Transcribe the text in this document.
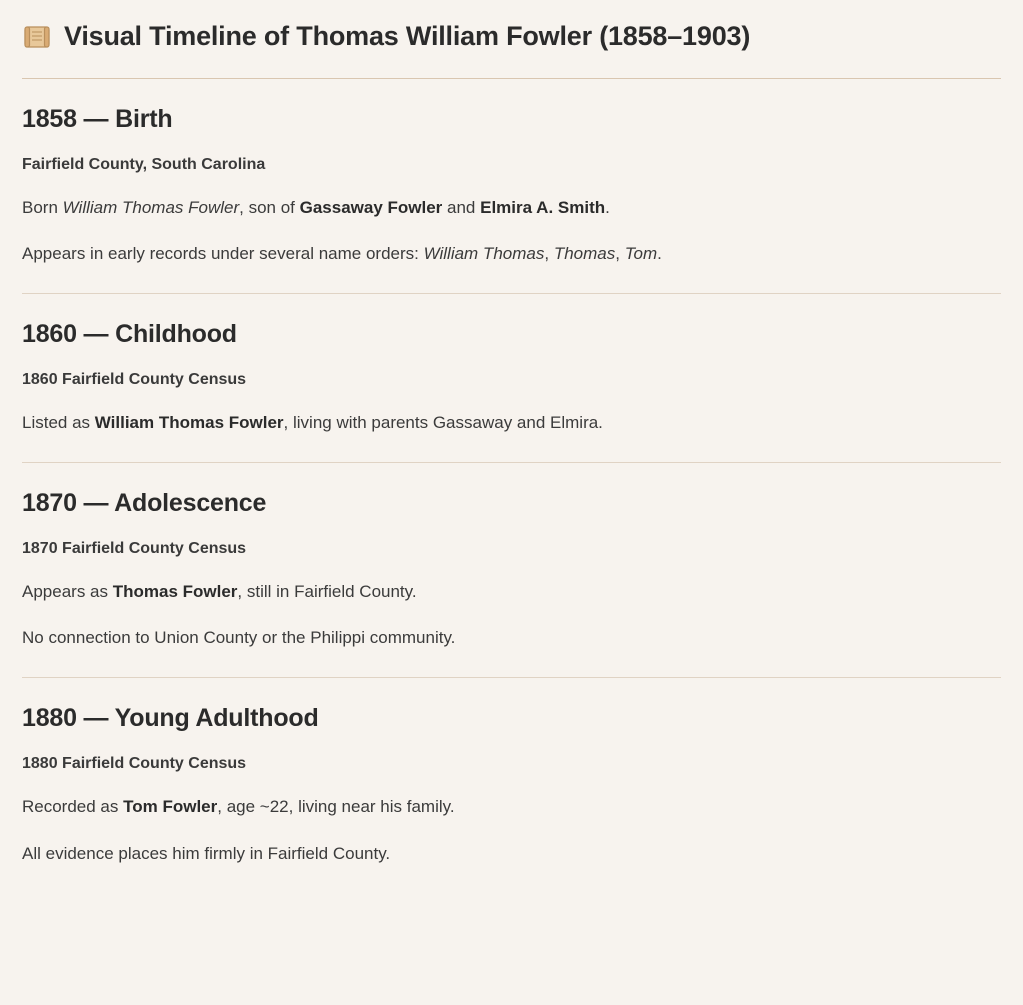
Visual Timeline of Thomas William Fowler (1858–1903)
1858 — Birth
Fairfield County, South Carolina

Born William Thomas Fowler, son of Gassaway Fowler and Elmira A. Smith.

Appears in early records under several name orders: William Thomas, Thomas, Tom.

1860 — Childhood
1860 Fairfield County Census

Listed as William Thomas Fowler, living with parents Gassaway and Elmira.

1870 — Adolescence
1870 Fairfield County Census

Appears as Thomas Fowler, still in Fairfield County.

No connection to Union County or the Philippi community.

1880 — Young Adulthood
1880 Fairfield County Census

Recorded as Tom Fowler, age ~22, living near his family.

All evidence places him firmly in Fairfield County.
